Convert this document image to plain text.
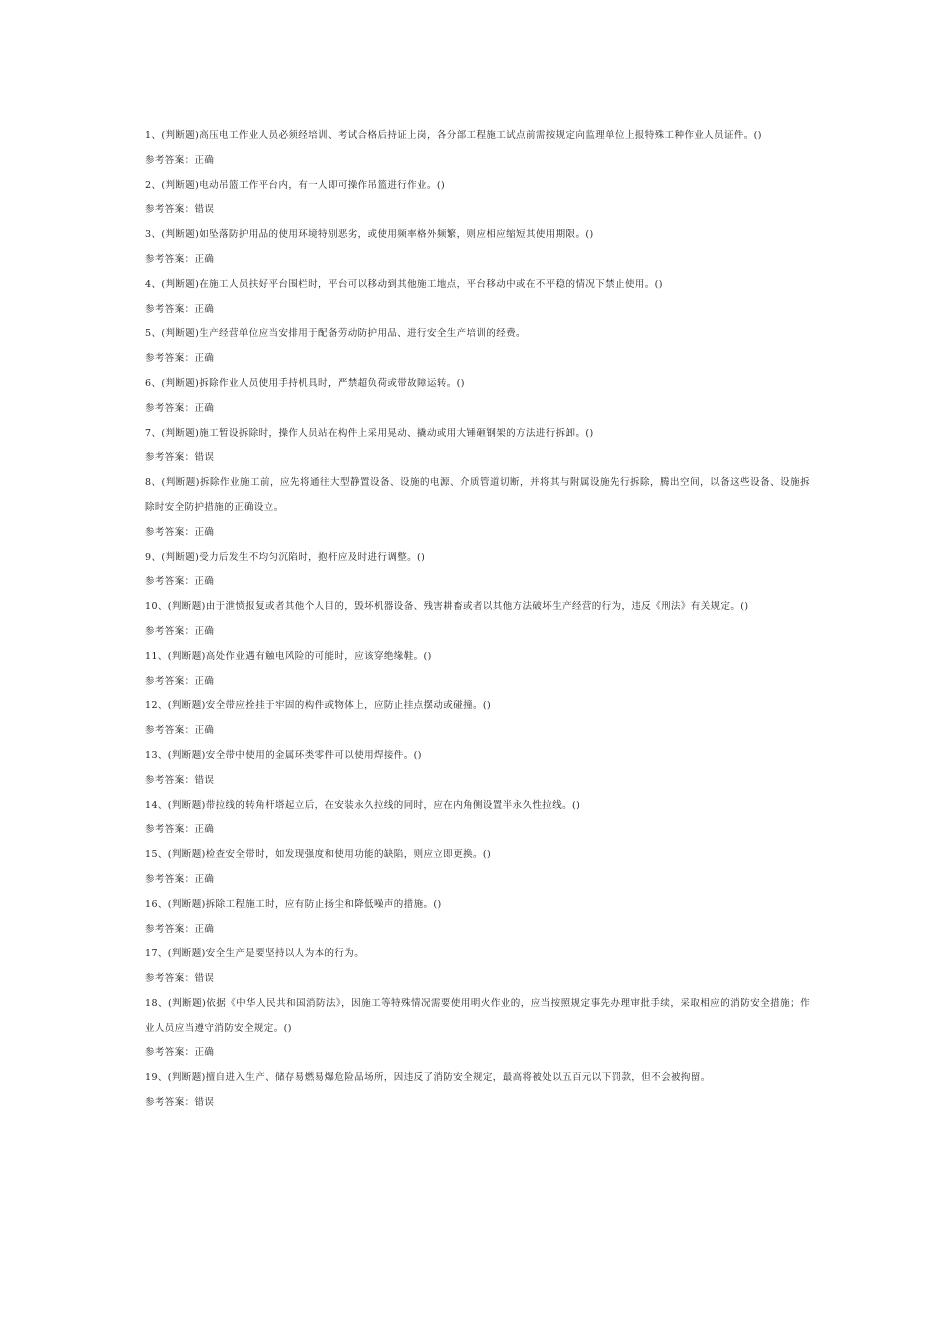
1、(判断题)高压电工作业人员必须经培训、考试合格后持证上岗，各分部工程施工试点前需按规定向监理单位上报特殊工种作业人员证件。()

参考答案：正确

2、(判断题)电动吊篮工作平台内，有一人即可操作吊篮进行作业。()

参考答案：错误

3、(判断题)如坠落防护用品的使用环境特别恶劣，或使用频率格外频繁，则应相应缩短其使用期限。()

参考答案：正确

4、(判断题)在施工人员扶好平台围栏时，平台可以移动到其他施工地点，平台移动中或在不平稳的情况下禁止使用。()

参考答案：正确

5、(判断题)生产经营单位应当安排用于配备劳动防护用品、进行安全生产培训的经费。

参考答案：正确

6、(判断题)拆除作业人员使用手持机具时，严禁超负荷或带故障运转。()

参考答案：正确

7、(判断题)施工暂设拆除时，操作人员站在构件上采用晃动、撬动或用大锤砸钢架的方法进行拆卸。()

参考答案：错误

8、(判断题)拆除作业施工前，应先将通往大型静置设备、设施的电源、介质管道切断，并将其与附属设施先行拆除，腾出空间，以备这些设备、设施拆除时安全防护措施的正确设立。

参考答案：正确

9、(判断题)受力后发生不均匀沉陷时，抱杆应及时进行调整。()

参考答案：正确

10、(判断题)由于泄愤报复或者其他个人目的，毁坏机器设备、残害耕畜或者以其他方法破坏生产经营的行为，违反《刑法》有关规定。()

参考答案：正确

11、(判断题)高处作业遇有触电风险的可能时，应该穿绝缘鞋。()

参考答案：正确

12、(判断题)安全带应拴挂于牢固的构件或物体上，应防止挂点摆动或碰撞。()

参考答案：正确

13、(判断题)安全带中使用的金属环类零件可以使用焊接件。()

参考答案：错误

14、(判断题)带拉线的转角杆塔起立后，在安装永久拉线的同时，应在内角侧设置半永久性拉线。()

参考答案：正确

15、(判断题)检查安全带时，如发现强度和使用功能的缺陷，则应立即更换。()

参考答案：正确

16、(判断题)拆除工程施工时，应有防止扬尘和降低噪声的措施。()

参考答案：正确

17、(判断题)安全生产是要坚持以人为本的行为。

参考答案：错误

18、(判断题)依据《中华人民共和国消防法》，因施工等特殊情况需要使用明火作业的，应当按照规定事先办理审批手续，采取相应的消防安全措施；作业人员应当遵守消防安全规定。()

参考答案：正确

19、(判断题)擅自进入生产、储存易燃易爆危险品场所，因违反了消防安全规定，最高将被处以五百元以下罚款，但不会被拘留。

参考答案：错误
